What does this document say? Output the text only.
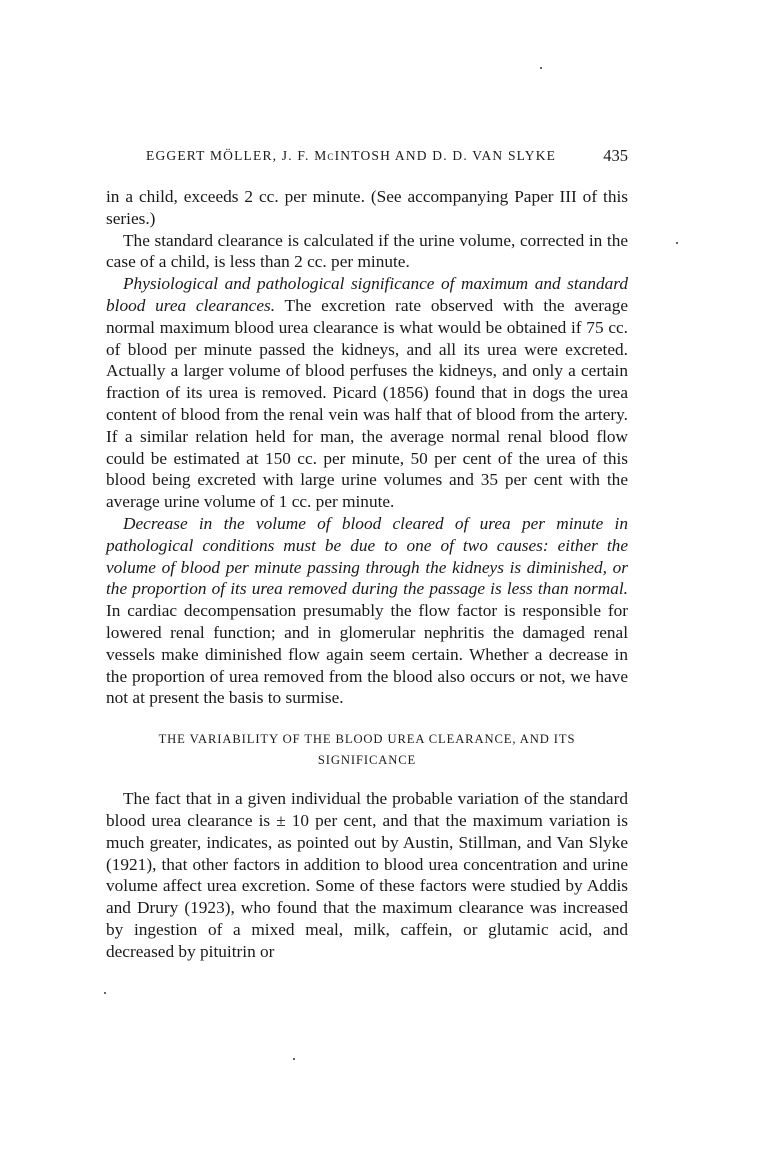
EGGERT MÖLLER, J. F. McINTOSH AND D. D. VAN SLYKE	435

in a child, exceeds 2 cc. per minute. (See accompanying Paper III of this series.)

The standard clearance is calculated if the urine volume, corrected in the case of a child, is less than 2 cc. per minute.

Physiological and pathological significance of maximum and standard blood urea clearances. The excretion rate observed with the average normal maximum blood urea clearance is what would be obtained if 75 cc. of blood per minute passed the kidneys, and all its urea were excreted. Actually a larger volume of blood perfuses the kidneys, and only a certain fraction of its urea is removed. Picard (1856) found that in dogs the urea content of blood from the renal vein was half that of blood from the artery. If a similar relation held for man, the average normal renal blood flow could be estimated at 150 cc. per minute, 50 per cent of the urea of this blood being excreted with large urine volumes and 35 per cent with the average urine volume of 1 cc. per minute.

Decrease in the volume of blood cleared of urea per minute in pathological conditions must be due to one of two causes: either the volume of blood per minute passing through the kidneys is diminished, or the proportion of its urea removed during the passage is less than normal. In cardiac decompensation presumably the flow factor is responsible for lowered renal function; and in glomerular nephritis the damaged renal vessels make diminished flow again seem certain. Whether a decrease in the proportion of urea removed from the blood also occurs or not, we have not at present the basis to surmise.

THE VARIABILITY OF THE BLOOD UREA CLEARANCE, AND ITS SIGNIFICANCE

The fact that in a given individual the probable variation of the standard blood urea clearance is ± 10 per cent, and that the maximum variation is much greater, indicates, as pointed out by Austin, Stillman, and Van Slyke (1921), that other factors in addition to blood urea concentration and urine volume affect urea excretion. Some of these factors were studied by Addis and Drury (1923), who found that the maximum clearance was increased by ingestion of a mixed meal, milk, caffein, or glutamic acid, and decreased by pituitrin or
